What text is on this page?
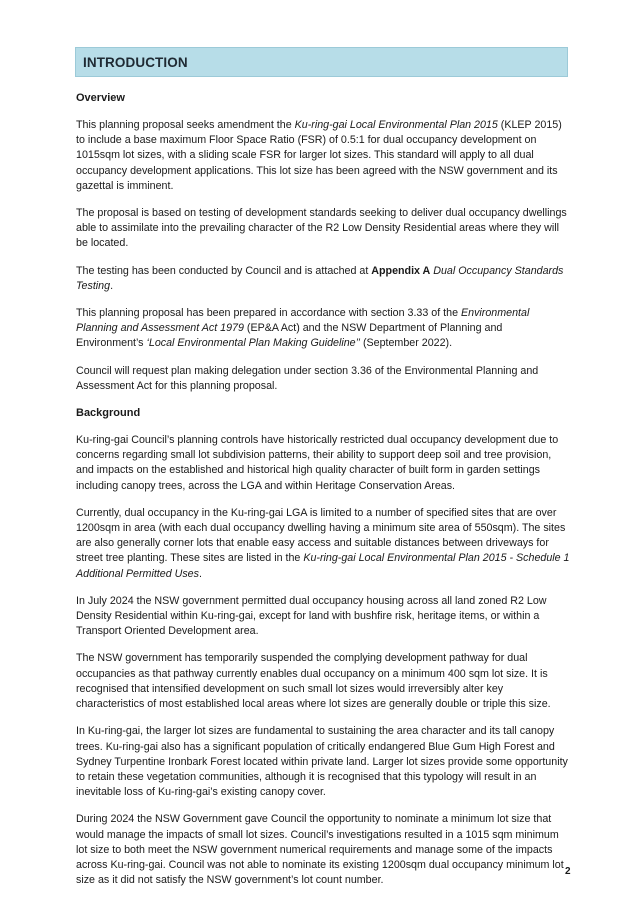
INTRODUCTION
Overview

This planning proposal seeks amendment the Ku-ring-gai Local Environmental Plan 2015 (KLEP 2015) to include a base maximum Floor Space Ratio (FSR) of 0.5:1 for dual occupancy development on 1015sqm lot sizes, with a sliding scale FSR for larger lot sizes. This standard will apply to all dual occupancy development applications. This lot size has been agreed with the NSW government and its gazettal is imminent.

The proposal is based on testing of development standards seeking to deliver dual occupancy dwellings able to assimilate into the prevailing character of the R2 Low Density Residential areas where they will be located.

The testing has been conducted by Council and is attached at Appendix A Dual Occupancy Standards Testing.

This planning proposal has been prepared in accordance with section 3.33 of the Environmental Planning and Assessment Act 1979 (EP&A Act) and the NSW Department of Planning and Environment’s ‘Local Environmental Plan Making Guideline’’ (September 2022).

Council will request plan making delegation under section 3.36 of the Environmental Planning and Assessment Act for this planning proposal.

Background

Ku-ring-gai Council’s planning controls have historically restricted dual occupancy development due to concerns regarding small lot subdivision patterns, their ability to support deep soil and tree provision, and impacts on the established and historical high quality character of built form in garden settings including canopy trees, across the LGA and within Heritage Conservation Areas.

Currently, dual occupancy in the Ku-ring-gai LGA is limited to a number of specified sites that are over 1200sqm in area (with each dual occupancy dwelling having a minimum site area of 550sqm). The sites are also generally corner lots that enable easy access and suitable distances between driveways for street tree planting. These sites are listed in the Ku-ring-gai Local Environmental Plan 2015 - Schedule 1 Additional Permitted Uses.

In July 2024 the NSW government permitted dual occupancy housing across all land zoned R2 Low Density Residential within Ku-ring-gai, except for land with bushfire risk, heritage items, or within a Transport Oriented Development area.

The NSW government has temporarily suspended the complying development pathway for dual occupancies as that pathway currently enables dual occupancy on a minimum 400 sqm lot size. It is recognised that intensified development on such small lot sizes would irreversibly alter key characteristics of most established local areas where lot sizes are generally double or triple this size.

In Ku-ring-gai, the larger lot sizes are fundamental to sustaining the area character and its tall canopy trees. Ku-ring-gai also has a significant population of critically endangered Blue Gum High Forest and Sydney Turpentine Ironbark Forest located within private land. Larger lot sizes provide some opportunity to retain these vegetation communities, although it is recognised that this typology will result in an inevitable loss of Ku-ring-gai’s existing canopy cover.

During 2024 the NSW Government gave Council the opportunity to nominate a minimum lot size that would manage the impacts of small lot sizes. Council’s investigations resulted in a 1015 sqm minimum lot size to both meet the NSW government numerical requirements and manage some of the impacts across Ku-ring-gai. Council was not able to nominate its existing 1200sqm dual occupancy minimum lot size as it did not satisfy the NSW government’s lot count number.

2
